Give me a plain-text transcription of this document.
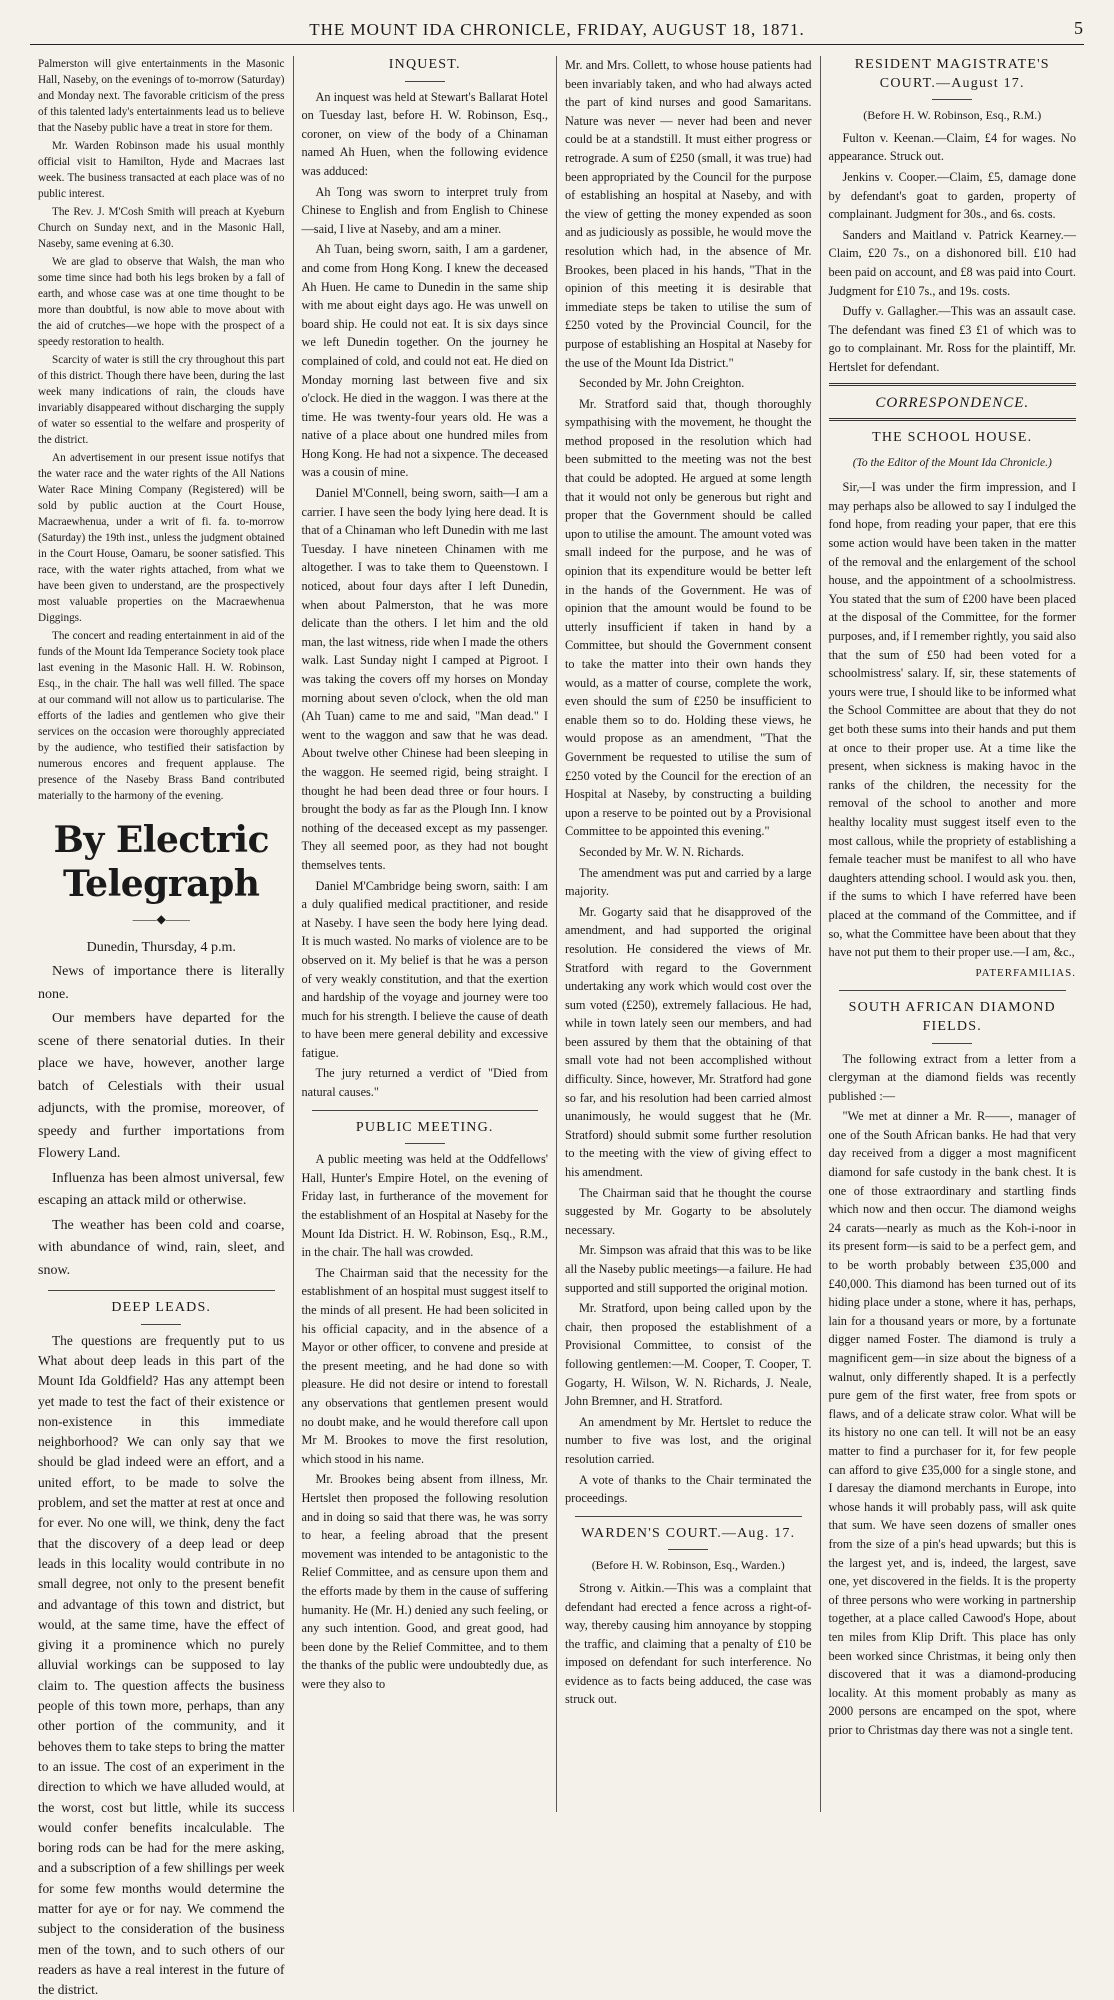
THE MOUNT IDA CHRONICLE, FRIDAY, AUGUST 18, 1871.	5

Palmerston will give entertainments in the Masonic Hall, Naseby, on the evenings of to-morrow (Saturday) and Monday next. The favorable criticism of the press of this talented lady's entertainments lead us to believe that the Naseby public have a treat in store for them.

Mr. Warden Robinson made his usual monthly official visit to Hamilton, Hyde and Macraes last week. The business transacted at each place was of no public interest.

The Rev. J. M'Cosh Smith will preach at Kyeburn Church on Sunday next, and in the Masonic Hall, Naseby, same evening at 6.30.

We are glad to observe that Walsh, the man who some time since had both his legs broken by a fall of earth, and whose case was at one time thought to be more than doubtful, is now able to move about with the aid of crutches—we hope with the prospect of a speedy restoration to health.

Scarcity of water is still the cry throughout this part of this district. Though there have been, during the last week many indications of rain, the clouds have invariably disappeared without discharging the supply of water so essential to the welfare and prosperity of the district.

An advertisement in our present issue notifys that the water race and the water rights of the All Nations Water Race Mining Company (Registered) will be sold by public auction at the Court House, Macraewhenua, under a writ of fi. fa. to-morrow (Saturday) the 19th inst., unless the judgment obtained in the Court House, Oamaru, be sooner satisfied. This race, with the water rights attached, from what we have been given to understand, are the prospectively most valuable properties on the Macraewhenua Diggings.

The concert and reading entertainment in aid of the funds of the Mount Ida Temperance Society took place last evening in the Masonic Hall. H. W. Robinson, Esq., in the chair. The hall was well filled. The space at our command will not allow us to particularise. The efforts of the ladies and gentlemen who give their services on the occasion were thoroughly appreciated by the audience, who testified their satisfaction by numerous encores and frequent applause. The presence of the Naseby Brass Band contributed materially to the harmony of the evening.

By Electric Telegraph
——◆——

Dunedin, Thursday, 4 p.m.

News of importance there is literally none.

Our members have departed for the scene of there senatorial duties. In their place we have, however, another large batch of Celestials with their usual adjuncts, with the promise, moreover, of speedy and further importations from Flowery Land.

Influenza has been almost universal, few escaping an attack mild or otherwise.

The weather has been cold and coarse, with abundance of wind, rain, sleet, and snow.

DEEP LEADS.

The questions are frequently put to us What about deep leads in this part of the Mount Ida Goldfield? Has any attempt been yet made to test the fact of their existence or non-existence in this immediate neighborhood? We can only say that we should be glad indeed were an effort, and a united effort, to be made to solve the problem, and set the matter at rest at once and for ever. No one will, we think, deny the fact that the discovery of a deep lead or deep leads in this locality would contribute in no small degree, not only to the present benefit and advantage of this town and district, but would, at the same time, have the effect of giving it a prominence which no purely alluvial workings can be supposed to lay claim to. The question affects the business people of this town more, perhaps, than any other portion of the community, and it behoves them to take steps to bring the matter to an issue. The cost of an experiment in the direction to which we have alluded would, at the worst, cost but little, while its success would confer benefits incalculable. The boring rods can be had for the mere asking, and a subscription of a few shillings per week for some few months would determine the matter for aye or for nay. We commend the subject to the consideration of the business men of the town, and to such others of our readers as have a real interest in the future of the district.

INQUEST.

An inquest was held at Stewart's Ballarat Hotel on Tuesday last, before H. W. Robinson, Esq., coroner, on view of the body of a Chinaman named Ah Huen, when the following evidence was adduced:

Ah Tong was sworn to interpret truly from Chinese to English and from English to Chinese—said, I live at Naseby, and am a miner.

Ah Tuan, being sworn, saith, I am a gardener, and come from Hong Kong. I knew the deceased Ah Huen. He came to Dunedin in the same ship with me about eight days ago. He was unwell on board ship. He could not eat. It is six days since we left Dunedin together. On the journey he complained of cold, and could not eat. He died on Monday morning last between five and six o'clock. He died in the waggon. I was there at the time. He was twenty-four years old. He was a native of a place about one hundred miles from Hong Kong. He had not a sixpence. The deceased was a cousin of mine.

Daniel M'Connell, being sworn, saith—I am a carrier. I have seen the body lying here dead. It is that of a Chinaman who left Dunedin with me last Tuesday. I have nineteen Chinamen with me altogether. I was to take them to Queenstown. I noticed, about four days after I left Dunedin, when about Palmerston, that he was more delicate than the others. I let him and the old man, the last witness, ride when I made the others walk. Last Sunday night I camped at Pigroot. I was taking the covers off my horses on Monday morning about seven o'clock, when the old man (Ah Tuan) came to me and said, "Man dead." I went to the waggon and saw that he was dead. About twelve other Chinese had been sleeping in the waggon. He seemed rigid, being straight. I thought he had been dead three or four hours. I brought the body as far as the Plough Inn. I know nothing of the deceased except as my passenger. They all seemed poor, as they had not bought themselves tents.

Daniel M'Cambridge being sworn, saith: I am a duly qualified medical practitioner, and reside at Naseby. I have seen the body here lying dead. It is much wasted. No marks of violence are to be observed on it. My belief is that he was a person of very weakly constitution, and that the exertion and hardship of the voyage and journey were too much for his strength. I believe the cause of death to have been mere general debility and excessive fatigue.

The jury returned a verdict of "Died from natural causes."

PUBLIC MEETING.

A public meeting was held at the Oddfellows' Hall, Hunter's Empire Hotel, on the evening of Friday last, in furtherance of the movement for the establishment of an Hospital at Naseby for the Mount Ida District. H. W. Robinson, Esq., R.M., in the chair. The hall was crowded.

The Chairman said that the necessity for the establishment of an hospital must suggest itself to the minds of all present. He had been solicited in his official capacity, and in the absence of a Mayor or other officer, to convene and preside at the present meeting, and he had done so with pleasure. He did not desire or intend to forestall any observations that gentlemen present would no doubt make, and he would therefore call upon Mr M. Brookes to move the first resolution, which stood in his name.

Mr. Brookes being absent from illness, Mr. Hertslet then proposed the following resolution and in doing so said that there was, he was sorry to hear, a feeling abroad that the present movement was intended to be antagonistic to the Relief Committee, and as censure upon them and the efforts made by them in the cause of suffering humanity. He (Mr. H.) denied any such feeling, or any such intention. Good, and great good, had been done by the Relief Committee, and to them the thanks of the public were undoubtedly due, as were they also to

Mr. and Mrs. Collett, to whose house patients had been invariably taken, and who had always acted the part of kind nurses and good Samaritans. Nature was never — never had been and never could be at a standstill. It must either progress or retrograde. A sum of £250 (small, it was true) had been appropriated by the Council for the purpose of establishing an hospital at Naseby, and with the view of getting the money expended as soon and as judiciously as possible, he would move the resolution which had, in the absence of Mr. Brookes, been placed in his hands, "That in the opinion of this meeting it is desirable that immediate steps be taken to utilise the sum of £250 voted by the Provincial Council, for the purpose of establishing an Hospital at Naseby for the use of the Mount Ida District."

Seconded by Mr. John Creighton.

Mr. Stratford said that, though thoroughly sympathising with the movement, he thought the method proposed in the resolution which had been submitted to the meeting was not the best that could be adopted. He argued at some length that it would not only be generous but right and proper that the Government should be called upon to utilise the amount. The amount voted was small indeed for the purpose, and he was of opinion that its expenditure would be better left in the hands of the Government. He was of opinion that the amount would be found to be utterly insufficient if taken in hand by a Committee, but should the Government consent to take the matter into their own hands they would, as a matter of course, complete the work, even should the sum of £250 be insufficient to enable them so to do. Holding these views, he would propose as an amendment, "That the Government be requested to utilise the sum of £250 voted by the Council for the erection of an Hospital at Naseby, by constructing a building upon a reserve to be pointed out by a Provisional Committee to be appointed this evening."

Seconded by Mr. W. N. Richards.

The amendment was put and carried by a large majority.

Mr. Gogarty said that he disapproved of the amendment, and had supported the original resolution. He considered the views of Mr. Stratford with regard to the Government undertaking any work which would cost over the sum voted (£250), extremely fallacious. He had, while in town lately seen our members, and had been assured by them that the obtaining of that small vote had not been accomplished without difficulty. Since, however, Mr. Stratford had gone so far, and his resolution had been carried almost unanimously, he would suggest that he (Mr. Stratford) should submit some further resolution to the meeting with the view of giving effect to his amendment.

The Chairman said that he thought the course suggested by Mr. Gogarty to be absolutely necessary.

Mr. Simpson was afraid that this was to be like all the Naseby public meetings—a failure. He had supported and still supported the original motion.

Mr. Stratford, upon being called upon by the chair, then proposed the establishment of a Provisional Committee, to consist of the following gentlemen:—M. Cooper, T. Cooper, T. Gogarty, H. Wilson, W. N. Richards, J. Neale, John Bremner, and H. Stratford.

An amendment by Mr. Hertslet to reduce the number to five was lost, and the original resolution carried.

A vote of thanks to the Chair terminated the proceedings.

WARDEN'S COURT.—Aug. 17.
(Before H. W. Robinson, Esq., Warden.)

Strong v. Aitkin.—This was a complaint that defendant had erected a fence across a right-of-way, thereby causing him annoyance by stopping the traffic, and claiming that a penalty of £10 be imposed on defendant for such interference. No evidence as to facts being adduced, the case was struck out.

RESIDENT MAGISTRATE'S COURT.—August 17.
(Before H. W. Robinson, Esq., R.M.)

Fulton v. Keenan.—Claim, £4 for wages. No appearance. Struck out.

Jenkins v. Cooper.—Claim, £5, damage done by defendant's goat to garden, property of complainant. Judgment for 30s., and 6s. costs.

Sanders and Maitland v. Patrick Kearney.—Claim, £20 7s., on a dishonored bill. £10 had been paid on account, and £8 was paid into Court. Judgment for £10 7s., and 19s. costs.

Duffy v. Gallagher.—This was an assault case. The defendant was fined £3 £1 of which was to go to complainant. Mr. Ross for the plaintiff, Mr. Hertslet for defendant.

CORRESPONDENCE.
THE SCHOOL HOUSE.
(To the Editor of the Mount Ida Chronicle.)

Sir,—I was under the firm impression, and I may perhaps also be allowed to say I indulged the fond hope, from reading your paper, that ere this some action would have been taken in the matter of the removal and the enlargement of the school house, and the appointment of a schoolmistress. You stated that the sum of £200 have been placed at the disposal of the Committee, for the former purposes, and, if I remember rightly, you said also that the sum of £50 had been voted for a schoolmistress' salary. If, sir, these statements of yours were true, I should like to be informed what the School Committee are about that they do not get both these sums into their hands and put them at once to their proper use. At a time like the present, when sickness is making havoc in the ranks of the children, the necessity for the removal of the school to another and more healthy locality must suggest itself even to the most callous, while the propriety of establishing a female teacher must be manifest to all who have daughters attending school. I would ask you. then, if the sums to which I have referred have been placed at the command of the Committee, and if so, what the Committee have been about that they have not put them to their proper use.—I am, &c.,

PATERFAMILIAS.
SOUTH AFRICAN DIAMOND FIELDS.

The following extract from a letter from a clergyman at the diamond fields was recently published :—

"We met at dinner a Mr. R——, manager of one of the South African banks. He had that very day received from a digger a most magnificent diamond for safe custody in the bank chest. It is one of those extraordinary and startling finds which now and then occur. The diamond weighs 24 carats—nearly as much as the Koh-i-noor in its present form—is said to be a perfect gem, and to be worth probably between £35,000 and £40,000. This diamond has been turned out of its hiding place under a stone, where it has, perhaps, lain for a thousand years or more, by a fortunate digger named Foster. The diamond is truly a magnificent gem—in size about the bigness of a walnut, only differently shaped. It is a perfectly pure gem of the first water, free from spots or flaws, and of a delicate straw color. What will be its history no one can tell. It will not be an easy matter to find a purchaser for it, for few people can afford to give £35,000 for a single stone, and I daresay the diamond merchants in Europe, into whose hands it will probably pass, will ask quite that sum. We have seen dozens of smaller ones from the size of a pin's head upwards; but this is the largest yet, and is, indeed, the largest, save one, yet discovered in the fields. It is the property of three persons who were working in partnership together, at a place called Cawood's Hope, about ten miles from Klip Drift. This place has only been worked since Christmas, it being only then discovered that it was a diamond-producing locality. At this moment probably as many as 2000 persons are encamped on the spot, where prior to Christmas day there was not a single tent.
